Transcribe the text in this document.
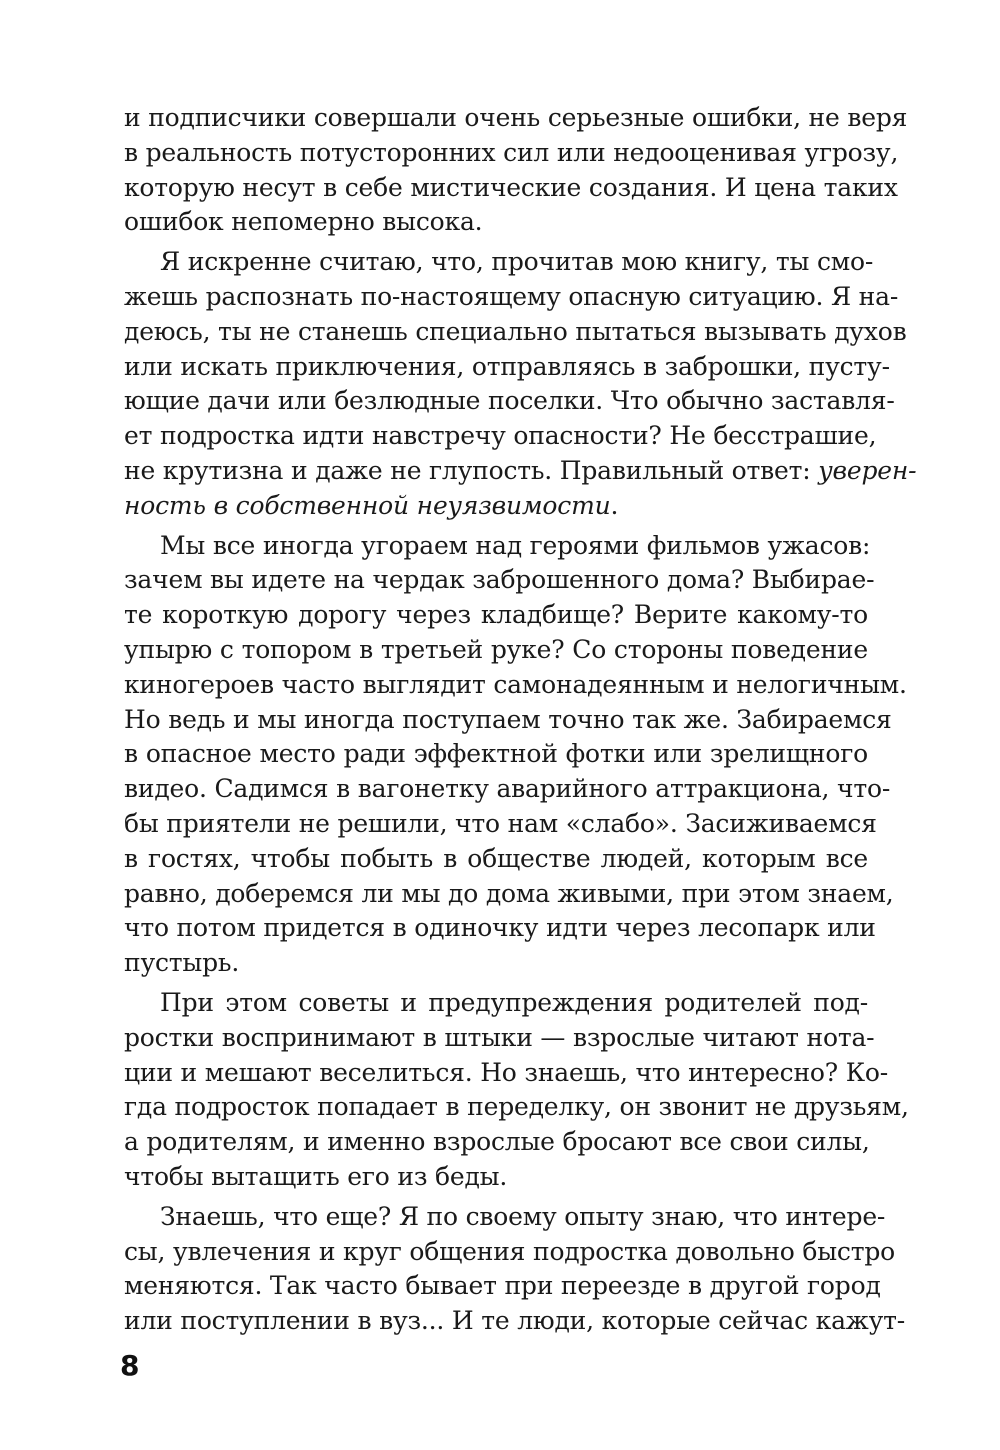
и подписчики совершали очень серьезные ошибки, не веря
в реальность потусторонних сил или недооценивая угрозу,
которую несут в себе мистические создания. И цена таких
ошибок непомерно высока.
Я искренне считаю, что, прочитав мою книгу, ты смо-
жешь распознать по-настоящему опасную ситуацию. Я на-
деюсь, ты не станешь специально пытаться вызывать духов
или искать приключения, отправляясь в заброшки, пусту-
ющие дачи или безлюдные поселки. Что обычно заставля-
ет подростка идти навстречу опасности? Не бесстрашие,
не крутизна и даже не глупость. Правильный ответ: уверен-
ность в собственной неуязвимости.
Мы все иногда угораем над героями фильмов ужасов:
зачем вы идете на чердак заброшенного дома? Выбирае-
те короткую дорогу через кладбище? Верите какому-то
упырю с топором в третьей руке? Со стороны поведение
киногероев часто выглядит самонадеянным и нелогичным.
Но ведь и мы иногда поступаем точно так же. Забираемся
в опасное место ради эффектной фотки или зрелищного
видео. Садимся в вагонетку аварийного аттракциона, что-
бы приятели не решили, что нам «слабо». Засиживаемся
в гостях, чтобы побыть в обществе людей, которым все
равно, доберемся ли мы до дома живыми, при этом знаем,
что потом придется в одиночку идти через лесопарк или
пустырь.
При этом советы и предупреждения родителей под-
ростки воспринимают в штыки — взрослые читают нота-
ции и мешают веселиться. Но знаешь, что интересно? Ко-
гда подросток попадает в переделку, он звонит не друзьям,
а родителям, и именно взрослые бросают все свои силы,
чтобы вытащить его из беды.
Знаешь, что еще? Я по своему опыту знаю, что интере-
сы, увлечения и круг общения подростка довольно быстро
меняются. Так часто бывает при переезде в другой город
или поступлении в вуз... И те люди, которые сейчас кажут-
8
